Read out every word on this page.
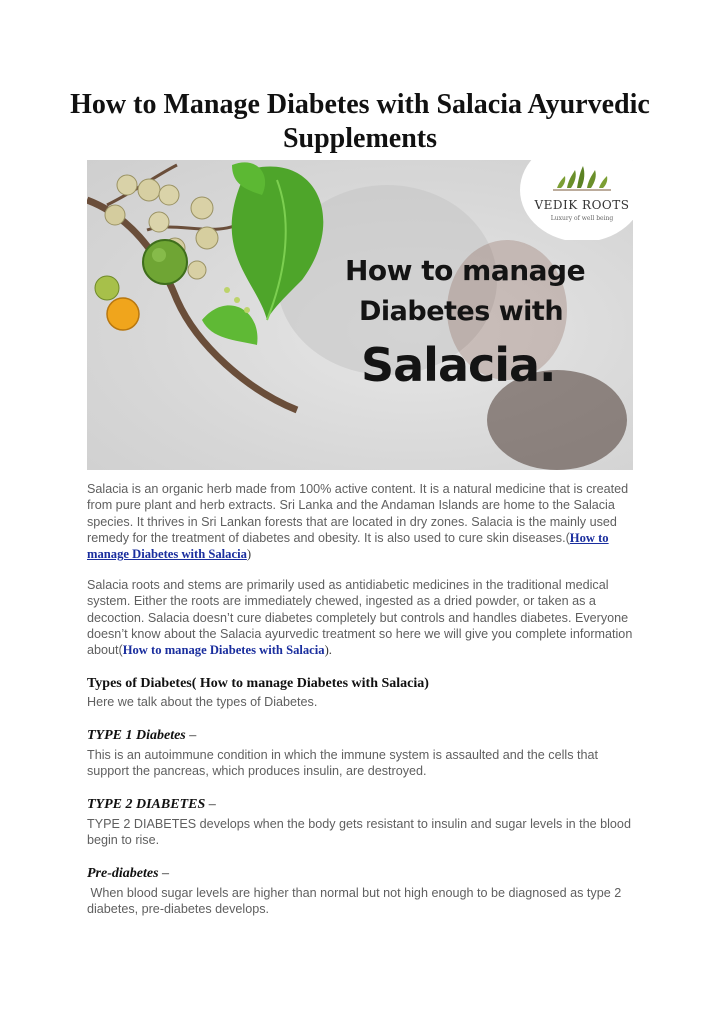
How to Manage Diabetes with Salacia Ayurvedic Supplements
VEDIK ROOTS
Luxury of well being
How to manage
Diabetes with
Salacia.
Salacia is an organic herb made from 100% active content. It is a natural medicine that is created from pure plant and herb extracts. Sri Lanka and the Andaman Islands are home to the Salacia species. It thrives in Sri Lankan forests that are located in dry zones. Salacia is the mainly used remedy for the treatment of diabetes and obesity. It is also used to cure skin diseases.(How to manage Diabetes with Salacia)
Salacia roots and stems are primarily used as antidiabetic medicines in the traditional medical system. Either the roots are immediately chewed, ingested as a dried powder, or taken as a decoction. Salacia doesn’t cure diabetes completely but controls and handles diabetes. Everyone doesn’t know about the Salacia ayurvedic treatment so here we will give you complete information about(How to manage Diabetes with Salacia).
Types of Diabetes( How to manage Diabetes with Salacia)
Here we talk about the types of Diabetes.
TYPE 1 Diabetes –
This is an autoimmune condition in which the immune system is assaulted and the cells that support the pancreas, which produces insulin, are destroyed.
TYPE 2 DIABETES –
TYPE 2 DIABETES develops when the body gets resistant to insulin and sugar levels in the blood begin to rise.
Pre-diabetes –
When blood sugar levels are higher than normal but not high enough to be diagnosed as type 2 diabetes, pre-diabetes develops.
